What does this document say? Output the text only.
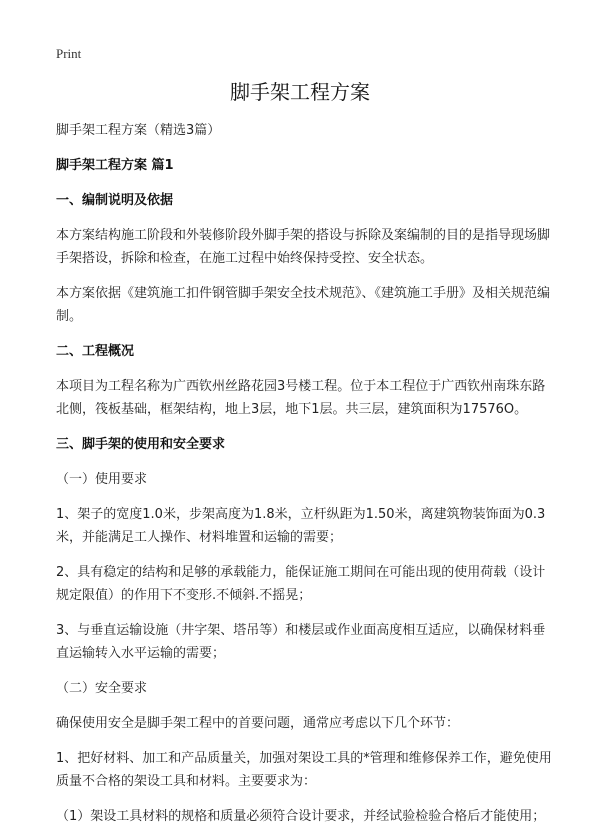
Print
脚手架工程方案

脚手架工程方案（精选3篇）

脚手架工程方案 篇1

一、编制说明及依据

本方案结构施工阶段和外装修阶段外脚手架的搭设与拆除及案编制的目的是指导现场脚手架搭设，拆除和检查，在施工过程中始终保持受控、安全状态。

本方案依据《建筑施工扣件钢管脚手架安全技术规范》、《建筑施工手册》及相关规范编制。

二、工程概况

本项目为工程名称为广西钦州丝路花园3号楼工程。位于本工程位于广西钦州南珠东路北侧，筏板基础，框架结构，地上3层，地下1层。共三层，建筑面积为17576O。

三、脚手架的使用和安全要求

（一）使用要求

1、架子的宽度1.0米，步架高度为1.8米，立杆纵距为1.50米，离建筑物装饰面为0.3米，并能满足工人操作、材料堆置和运输的需要；

2、具有稳定的结构和足够的承载能力，能保证施工期间在可能出现的使用荷载（设计规定限值）的作用下不变形.不倾斜.不摇晃；

3、与垂直运输设施（井字架、塔吊等）和楼层或作业面高度相互适应，以确保材料垂直运输转入水平运输的需要；

（二）安全要求

确保使用安全是脚手架工程中的首要问题，通常应考虑以下几个环节：

1、把好材料、加工和产品质量关，加强对架设工具的*管理和维修保养工作，避免使用质量不合格的架设工具和材料。主要要求为：

（1）架设工具材料的规格和质量必须符合设计要求，并经试验检验合格后才能使用；
